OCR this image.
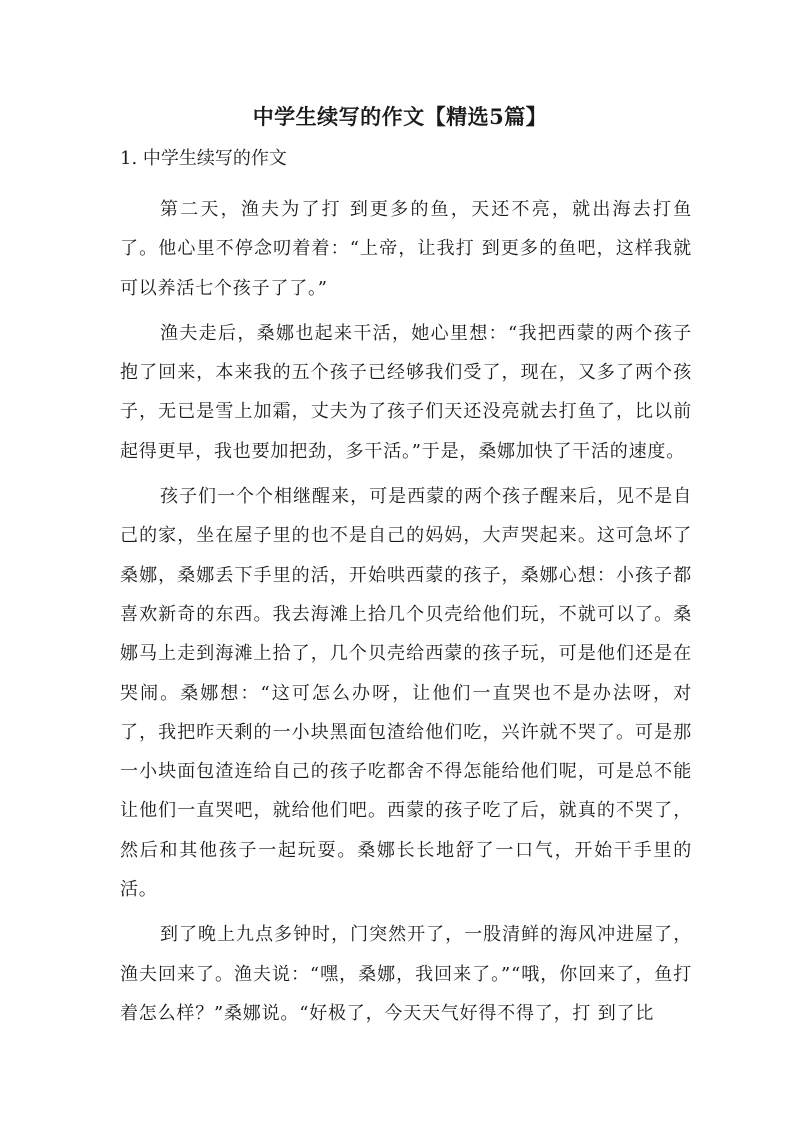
中学生续写的作文【精选5篇】
1. 中学生续写的作文

第二天，渔夫为了打 到更多的鱼，天还不亮，就出海去打鱼了。他心里不停念叨着着：“上帝，让我打 到更多的鱼吧，这样我就可以养活七个孩子了了。”

渔夫走后，桑娜也起来干活，她心里想：“我把西蒙的两个孩子抱了回来，本来我的五个孩子已经够我们受了，现在，又多了两个孩子，无已是雪上加霜，丈夫为了孩子们天还没亮就去打鱼了，比以前起得更早，我也要加把劲，多干活。”于是，桑娜加快了干活的速度。

孩子们一个个相继醒来，可是西蒙的两个孩子醒来后，见不是自己的家，坐在屋子里的也不是自己的妈妈，大声哭起来。这可急坏了桑娜，桑娜丢下手里的活，开始哄西蒙的孩子，桑娜心想：小孩子都喜欢新奇的东西。我去海滩上拾几个贝壳给他们玩，不就可以了。桑娜马上走到海滩上拾了，几个贝壳给西蒙的孩子玩，可是他们还是在哭闹。桑娜想：“这可怎么办呀，让他们一直哭也不是办法呀，对了，我把昨天剩的一小块黑面包渣给他们吃，兴许就不哭了。可是那一小块面包渣连给自己的孩子吃都舍不得怎能给他们呢，可是总不能让他们一直哭吧，就给他们吧。西蒙的孩子吃了后，就真的不哭了，然后和其他孩子一起玩耍。桑娜长长地舒了一口气，开始干手里的活。

到了晚上九点多钟时，门突然开了，一股清鲜的海风冲进屋了，渔夫回来了。渔夫说：“嘿，桑娜，我回来了。”“哦，你回来了，鱼打着怎么样？”桑娜说。“好极了，今天天气好得不得了，打 到了比
